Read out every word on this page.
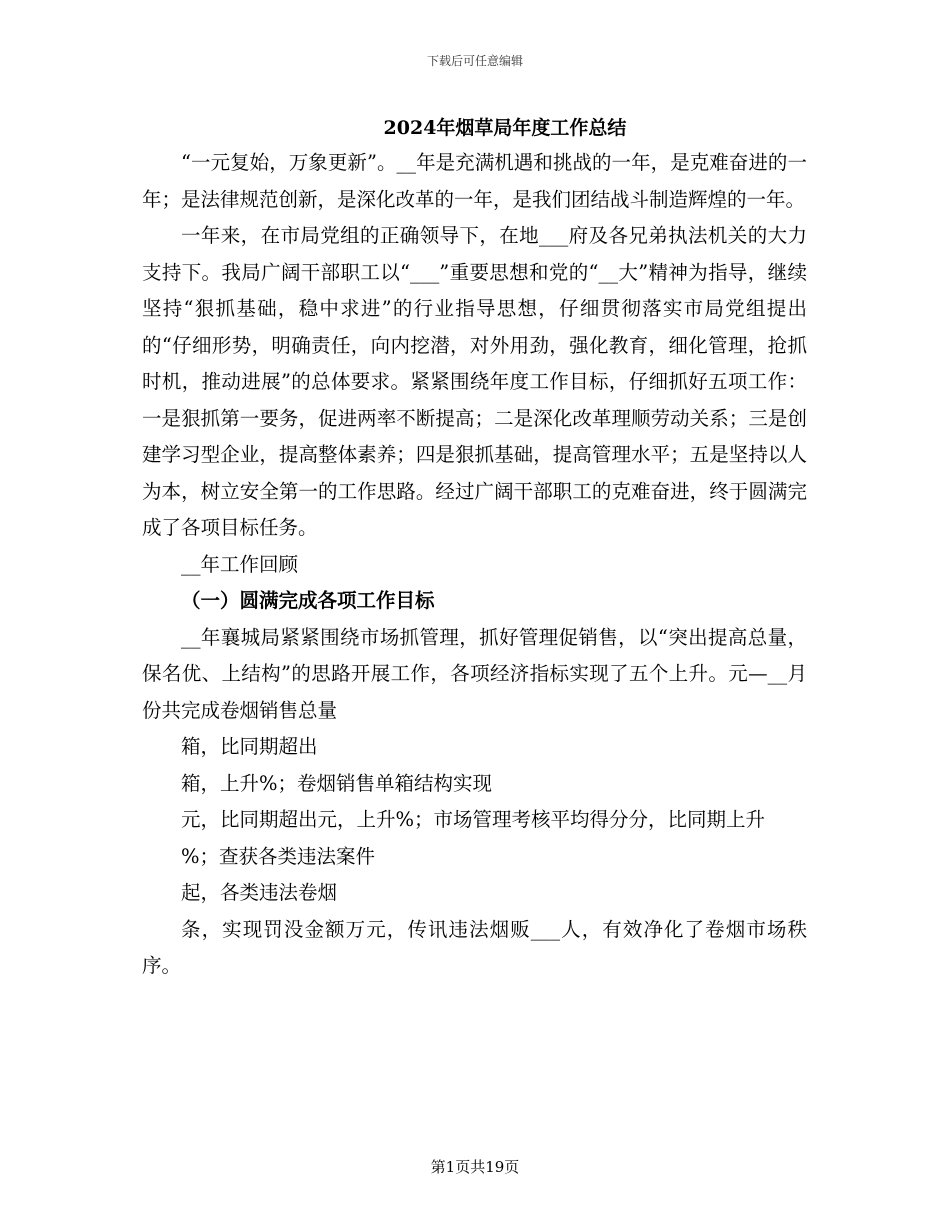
下载后可任意编辑
2024年烟草局年度工作总结

“一元复始，万象更新”。__年是充满机遇和挑战的一年，是克难奋进的一年；是法律规范创新，是深化改革的一年，是我们团结战斗制造辉煌的一年。

一年来，在市局党组的正确领导下，在地___府及各兄弟执法机关的大力支持下。我局广阔干部职工以“___”重要思想和党的“__大”精神为指导，继续坚持“狠抓基础，稳中求进”的行业指导思想，仔细贯彻落实市局党组提出的“仔细形势，明确责任，向内挖潜，对外用劲，强化教育，细化管理，抢抓时机，推动进展”的总体要求。紧紧围绕年度工作目标，仔细抓好五项工作：一是狠抓第一要务，促进两率不断提高；二是深化改革理顺劳动关系；三是创建学习型企业，提高整体素养；四是狠抓基础，提高管理水平；五是坚持以人为本，树立安全第一的工作思路。经过广阔干部职工的克难奋进，终于圆满完成了各项目标任务。

__年工作回顾

（一）圆满完成各项工作目标

__年襄城局紧紧围绕市场抓管理，抓好管理促销售，以“突出提高总量，保名优、上结构”的思路开展工作，各项经济指标实现了五个上升。元—__月份共完成卷烟销售总量

箱，比同期超出

箱，上升%；卷烟销售单箱结构实现

元，比同期超出元，上升%；市场管理考核平均得分分，比同期上升

%；查获各类违法案件

起，各类违法卷烟

条，实现罚没金额万元，传讯违法烟贩___人，有效净化了卷烟市场秩序。

第1页共19页
